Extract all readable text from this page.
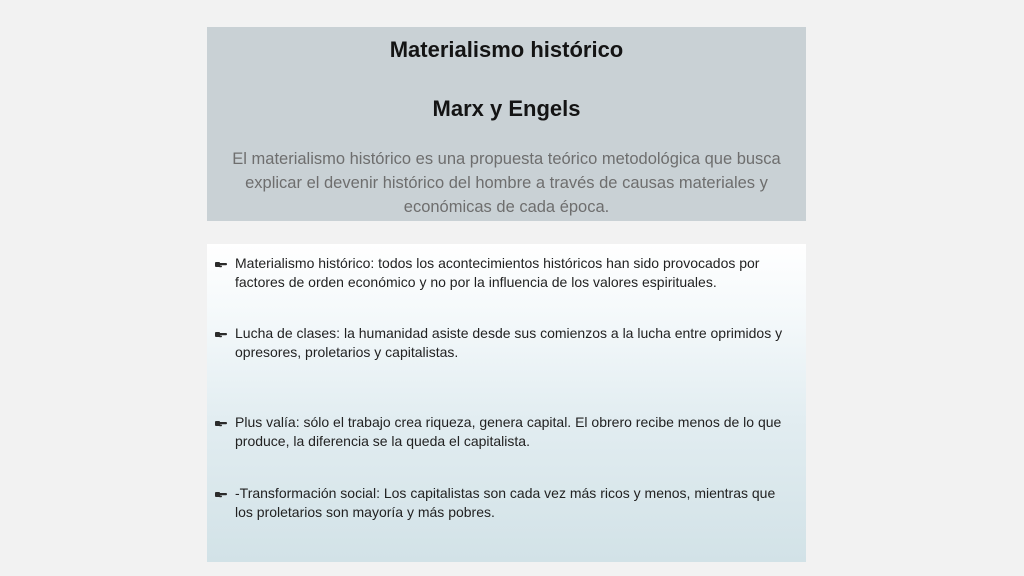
Materialismo histórico
Marx y Engels

El materialismo histórico es una propuesta teórico metodológica que busca explicar el devenir histórico del hombre a través de causas materiales y económicas de cada época.

Materialismo histórico: todos los acontecimientos históricos han sido provocados por factores de orden económico y no por la influencia de los valores espirituales.
Lucha de clases: la humanidad asiste desde sus comienzos a la lucha entre oprimidos y opresores, proletarios y capitalistas.
Plus valía: sólo el trabajo crea riqueza, genera capital. El obrero recibe menos de lo que produce, la diferencia se la queda el capitalista.
-Transformación social: Los capitalistas son cada vez más ricos y menos, mientras que los proletarios son mayoría y más pobres.
